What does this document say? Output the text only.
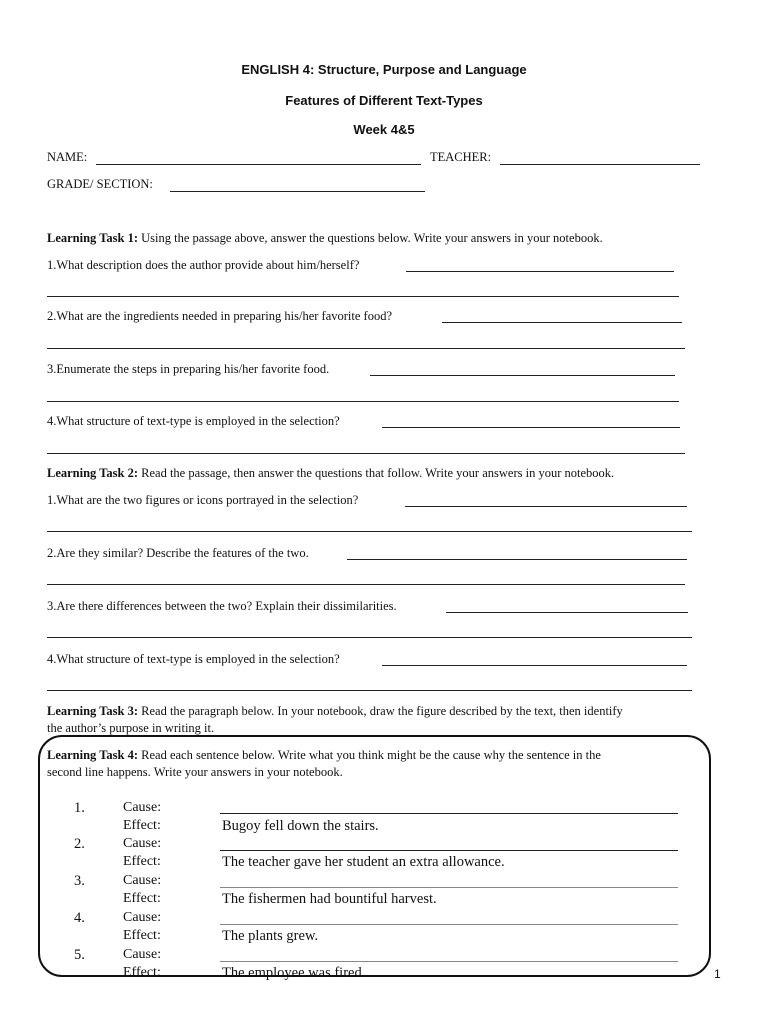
ENGLISH 4: Structure, Purpose and Language
Features of Different Text-Types
Week 4&5
NAME:	TEACHER:
GRADE/ SECTION:
Learning Task 1: Using the passage above, answer the questions below. Write your answers in your notebook.
1.What description does the author provide about him/herself?
2.What are the ingredients needed in preparing his/her favorite food?
3.Enumerate the steps in preparing his/her favorite food.
4.What structure of text-type is employed in the selection?
Learning Task 2: Read the passage, then answer the questions that follow. Write your answers in your notebook.
1.What are the two figures or icons portrayed in the selection?
2.Are they similar? Describe the features of the two.
3.Are there differences between the two? Explain their dissimilarities.
4.What structure of text-type is employed in the selection?
Learning Task 3: Read the paragraph below. In your notebook, draw the figure described by the text, then identify
the author’s purpose in writing it.
Learning Task 4: Read each sentence below. Write what you think might be the cause why the sentence in the
second line happens. Write your answers in your notebook.
1.	Cause:
Effect:	Bugoy fell down the stairs.
2.	Cause:
Effect:	The teacher gave her student an extra allowance.
3.	Cause:
Effect:	The fishermen had bountiful harvest.
4.	Cause:
Effect:	The plants grew.
5.	Cause:
Effect:	The employee was fired.	1
